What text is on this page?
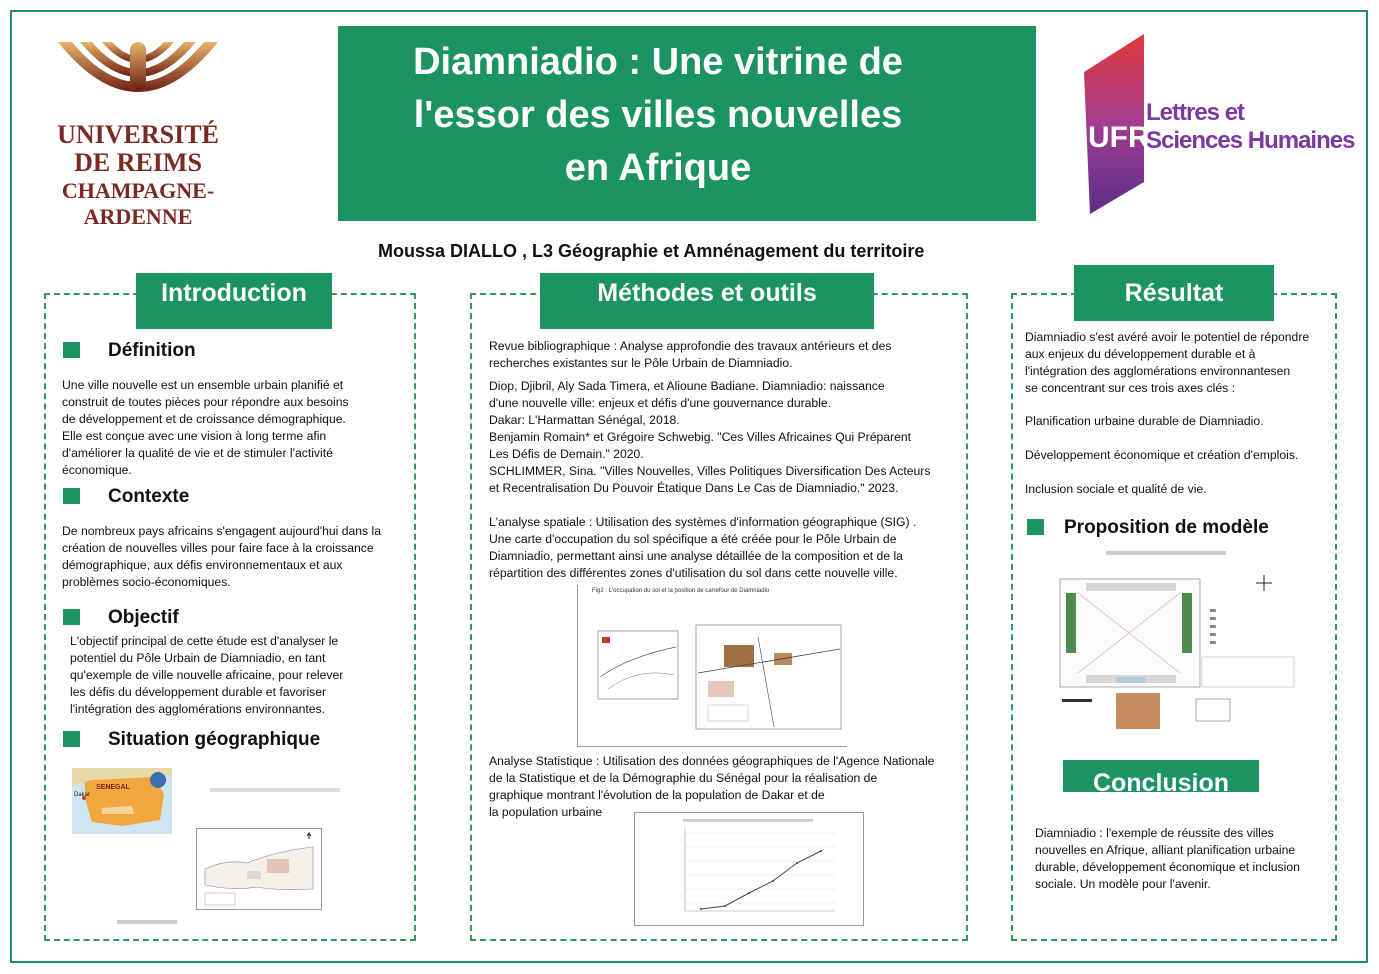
UNIVERSITÉ
DE REIMS
CHAMPAGNE-ARDENNE
UFR
Lettres et
Sciences Humaines
Diamniadio : Une vitrine de
l'essor des villes nouvelles
en Afrique
Moussa DIALLO , L3 Géographie et Amnénagement du territoire
Introduction	Méthodes et outils	Résultat
Conclusion
Définition
Une ville nouvelle est un ensemble urbain planifié et
construit de toutes pièces pour répondre aux besoins
de développement et de croissance démographique.
Elle est conçue avec une vision à long terme afin
d'améliorer la qualité de vie et de stimuler l'activité
économique.
Contexte
De nombreux pays africains s'engagent aujourd'hui dans la
création de nouvelles villes pour faire face à la croissance
démographique, aux défis environnementaux et aux
problèmes socio-économiques.
Objectif
L'objectif principal de cette étude est d'analyser le
potentiel du Pôle Urbain de Diamniadio, en tant
qu'exemple de ville nouvelle africaine, pour relever
les défis du développement durable et favoriser
l'intégration des agglomérations environnantes.
Situation géographique
SENEGAL
Dakar
Revue bibliographique : Analyse approfondie des travaux antérieurs et des
recherches existantes sur le Pôle Urbain de Diamniadio.
Diop, Djibril, Aly Sada Timera, et Alioune Badiane. Diamniadio: naissance
d'une nouvelle ville: enjeux et défis d'une gouvernance durable.
Dakar: L'Harmattan Sénégal, 2018.
Benjamin Romain* et Grégoire Schwebig. "Ces Villes Africaines Qui Préparent
Les Défis de Demain." 2020.
SCHLIMMER, Sina. "Villes Nouvelles, Villes Politiques Diversification Des Acteurs
et Recentralisation Du Pouvoir Étatique Dans Le Cas de Diamniadio." 2023.
L'analyse spatiale : Utilisation des systèmes d'information géographique (SIG) .
Une carte d'occupation du sol spécifique a été créée pour le Pôle Urbain de
Diamniadio, permettant ainsi une analyse détaillée de la composition et de la
répartition des différentes zones d'utilisation du sol dans cette nouvelle ville.
Fig2 : L'occupation du sol et la position de carrefour de Diamniadio
Analyse Statistique : Utilisation des données géographiques de l'Agence Nationale
de la Statistique et de la Démographie du Sénégal pour la réalisation de
graphique montrant l'évolution de la population de Dakar et de
la population urbaine
Diamniadio s'est avéré avoir le potentiel de répondre
aux enjeux du développement durable et à
l'intégration des agglomérations environnantesen
se concentrant sur ces trois axes clés :
Planification urbaine durable de Diamniadio.
Développement économique et création d'emplois.
Inclusion sociale et qualité de vie.
Proposition de modèle
Diamniadio : l'exemple de réussite des villes
nouvelles en Afrique, alliant planification urbaine
durable, développement économique et inclusion
sociale. Un modèle pour l'avenir.
